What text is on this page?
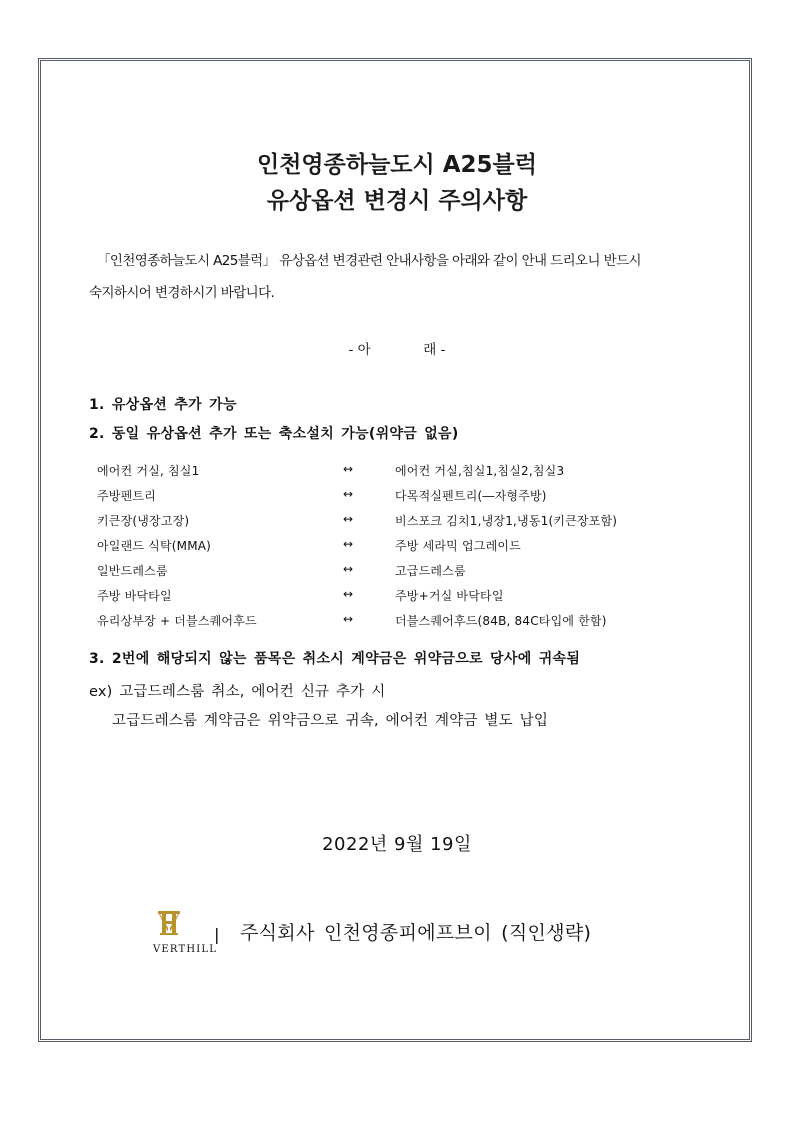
인천영종하늘도시 A25블럭
유상옵션 변경시 주의사항
「인천영종하늘도시 A25블럭」 유상옵션 변경관련 안내사항을 아래와 같이 안내 드리오니 반드시
숙지하시어 변경하시기 바랍니다.
- 아	래 -
1. 유상옵션 추가 가능
2. 동일 유상옵션 추가 또는 축소설치 가능(위약금 없음)
에어컨 거실, 침실1	↔	에어컨 거실,침실1,침실2,침실3
주방펜트리	↔	다목적실펜트리(―자형주방)
키큰장(냉장고장)	↔	비스포크 김치1,냉장1,냉동1(키큰장포함)
아일랜드 식탁(MMA)	↔	주방 세라믹 업그레이드
일반드레스룸	↔	고급드레스룸
주방 바닥타일	↔	주방+거실 바닥타일
유리상부장 + 더블스퀘어후드	↔	더블스퀘어후드(84B, 84C타입에 한함)
3. 2번에 해당되지 않는 품목은 취소시 계약금은 위약금으로 당사에 귀속됨
ex) 고급드레스룸 취소, 에어컨 신규 추가 시
고급드레스룸 계약금은 위약금으로 귀속, 에어컨 계약금 별도 납입
2022년 9월 19일
VERTHILL
주식회사 인천영종피에프브이 (직인생략)
